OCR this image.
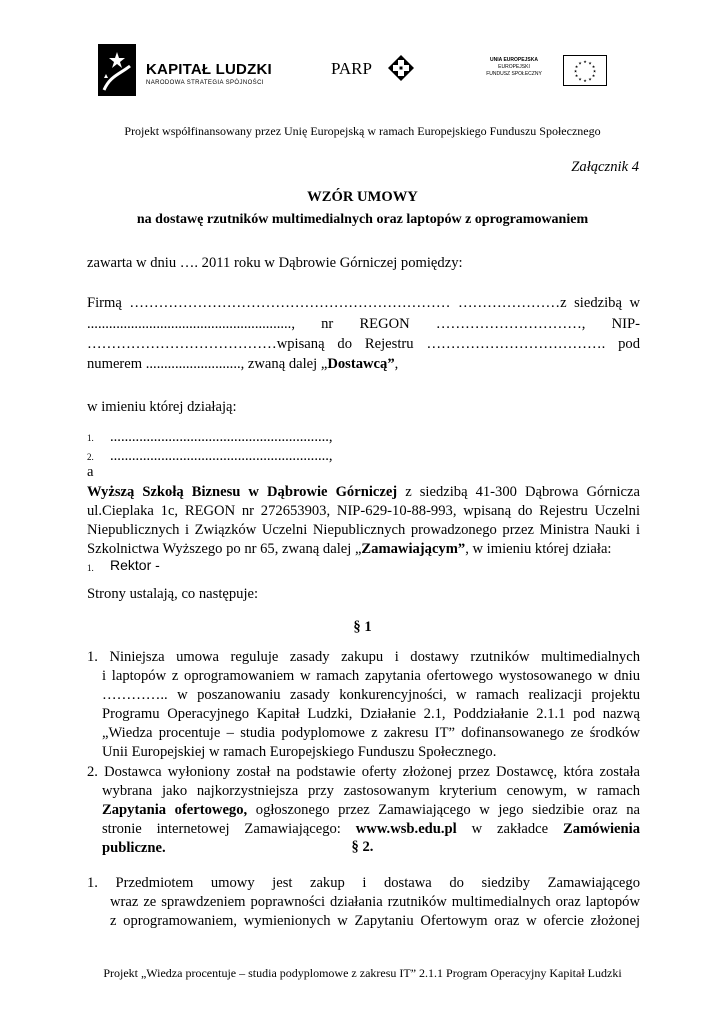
KAPITAŁ LUDZKI
NARODOWA STRATEGIA SPÓJNOŚCI
PARP	UNIA EUROPEJSKA
EUROPEJSKI
FUNDUSZ SPOŁECZNY
★ ★
★
★
★
★
★
★
★
★
★
★
Projekt współfinansowany przez Unię Europejską w ramach Europejskiego Funduszu Społecznego
Załącznik 4
WZÓR UMOWY
na dostawę rzutników multimedialnych oraz laptopów z oprogramowaniem

zawarta w dniu …. 2011 roku w Dąbrowie Górniczej pomiędzy:

Firmą ………………………………………………………… …………………z siedzibą w

........................................................, nr REGON …………………………, NIP-

…………………………………wpisaną do Rejestru ………………………………. pod

numerem .........................., zwaną dalej „Dostawcą”,

w imieniu której działają:

1. ............................................................,

2. ............................................................,

a

Wyższą Szkołą Biznesu w Dąbrowie Górniczej z siedzibą 41-300 Dąbrowa Górnicza

ul.Cieplaka 1c, REGON nr 272653903, NIP-629-10-88-993, wpisaną do Rejestru Uczelni

Niepublicznych i Związków Uczelni Niepublicznych prowadzonego przez Ministra Nauki i

Szkolnictwa Wyższego po nr 65, zwaną dalej „Zamawiającym”, w imieniu której działa:

1. Rektor -

Strony ustalają, co następuje:

§ 1

1. Niniejsza umowa reguluje zasady zakupu i dostawy rzutników multimedialnych

i laptopów z oprogramowaniem w ramach zapytania ofertowego wystosowanego w dniu

………….. w poszanowaniu zasady konkurencyjności, w ramach realizacji projektu

Programu Operacyjnego Kapitał Ludzki, Działanie 2.1, Poddziałanie 2.1.1 pod nazwą

„Wiedza procentuje – studia podyplomowe z zakresu IT” dofinansowanego ze środków

Unii Europejskiej w ramach Europejskiego Funduszu Społecznego.

2. Dostawca wyłoniony został na podstawie oferty złożonej przez Dostawcę, która została

wybrana jako najkorzystniejsza przy zastosowanym kryterium cenowym, w ramach

Zapytania ofertowego, ogłoszonego przez Zamawiającego w jego siedzibie oraz na

stronie internetowej Zamawiającego: www.wsb.edu.pl w zakładce Zamówienia

publiczne.	§ 2.

1. Przedmiotem umowy jest zakup i dostawa do siedziby Zamawiającego

wraz ze sprawdzeniem poprawności działania rzutników multimedialnych oraz laptopów

z oprogramowaniem, wymienionych w Zapytaniu Ofertowym oraz w ofercie złożonej

Projekt „Wiedza procentuje – studia podyplomowe z zakresu IT” 2.1.1 Program Operacyjny Kapitał Ludzki
